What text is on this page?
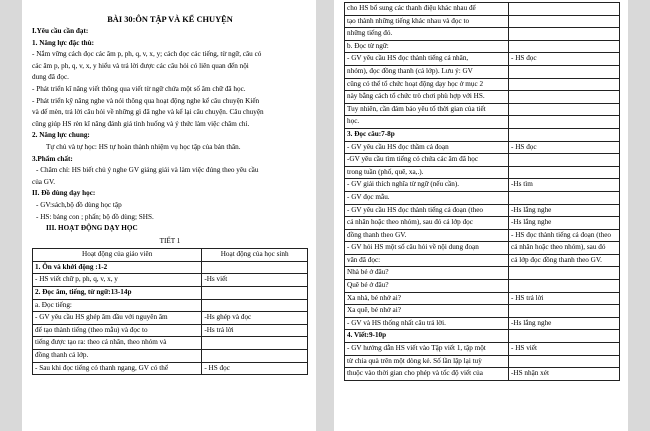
BÀI 30:ÔN TẬP VÀ KỂ CHUYỆN
I.Yêu cầu cần đạt:
1. Năng lực đặc thù:
- Nắm vững cách đọc các âm p, ph, q, v, x, y; cách đọc các tiếng, từ ngữ, câu có
các âm p, ph, q, v, x, y hiểu và trả lời được các câu hỏi có liên quan đến nội
dung đã đọc.
- Phát triển kĩ năng viết thông qua viết từ ngữ chứa một số âm chữ đã học.
- Phát triển kỹ năng nghe và nói thông qua hoạt động nghe kể câu chuyện Kiến
và dế mèn, trả lời câu hỏi về những gì đã nghe và kể lại câu chuyện. Câu chuyện
cũng giúp HS rèn kĩ năng đánh giá tình huống và ý thức làm việc chăm chỉ.
2. Năng lực chung:
Tự chủ và tự học: HS tự hoàn thành nhiệm vụ học tập của bản thân.
3.Phẩm chất:
- Chăm chỉ: HS biết chủ ý nghe GV giảng giải và làm việc đúng theo yêu cầu
của GV.
II. Đồ dùng dạy học:
- GV:sách,bộ đồ dùng học tập
- HS: bảng con ; phấn; bộ đồ dùng; SHS.
III. HOẠT ĐỘNG DẠY HỌC
TIẾT 1
Hoạt động của giáo viên	Hoạt động của học sinh
1. Ôn và khởi động :1-2	
- HS viết chữ p, ph, q, v, x, y	-Hs viết
2. Đọc âm, tiếng, từ ngữ:13-14p	
a. Đọc tiếng:	
- GV yêu cầu HS ghép âm đầu với nguyên âm	-Hs ghép và đọc
để tạo thành tiếng (theo mẫu) và đọc to	-Hs trả lời
tiếng được tạo ra: theo cá nhân, theo nhóm và	
đồng thanh cả lớp.	
- Sau khi đọc tiếng có thanh ngang, GV có thể	- HS đọc
cho HS bổ sung các thanh điệu khác nhau để	
tạo thành những tiếng khác nhau và đọc to	
những tiếng đó.	
b. Đọc từ ngữ:	
- GV yêu cầu HS đọc thành tiếng cá nhân,	- HS đọc
nhóm), đọc đồng thanh (cả lớp). Lưu ý: GV	
cũng có thể tổ chức hoạt động dạy học ở mục 2	
này bằng cách tổ chức trò chơi phù hợp với HS.	
Tuy nhiên, cần đảm bảo yêu tố thời gian của tiết	
học.	
3. Đọc câu:7-8p	
- GV yêu cầu HS đọc thầm cả đoạn	- HS đọc
-GV yêu cầu tìm tiếng có chứa các âm đã học	
trong tuần (phố, quê, xa,.).	
- GV giải thích nghĩa từ ngữ (nếu cần).	-Hs tìm
- GV đọc mẫu.	
- GV yêu cầu HS đọc thành tiếng cả đoạn (theo	-Hs lắng nghe
cá nhân hoặc theo nhóm), sau đó cả lớp đọc	-Hs lắng nghe
đồng thanh theo GV.	- HS đọc thành tiếng cả đoạn (theo
- GV hỏi HS một số câu hỏi về nội dung đoạn	cá nhân hoặc theo nhóm), sau đó
văn đã đọc:	cả lớp đọc đồng thanh theo GV.
Nhà bé ở đâu?	
Quê bé ở đâu?	
Xa nhà, bé nhớ ai?	- HS trả lời
Xa quê, bé nhớ ai?	
- GV và HS thống nhất câu trả lời.	-Hs lắng nghe
4. Viết:9-10p	
- GV hướng dẫn HS viết vào Tập viết 1, tập một	- HS viết
từ chia quà trên một dòng kẻ. Số lần lặp lại tuỳ	
thuộc vào thời gian cho phép và tốc độ viết của	-HS nhận xét
